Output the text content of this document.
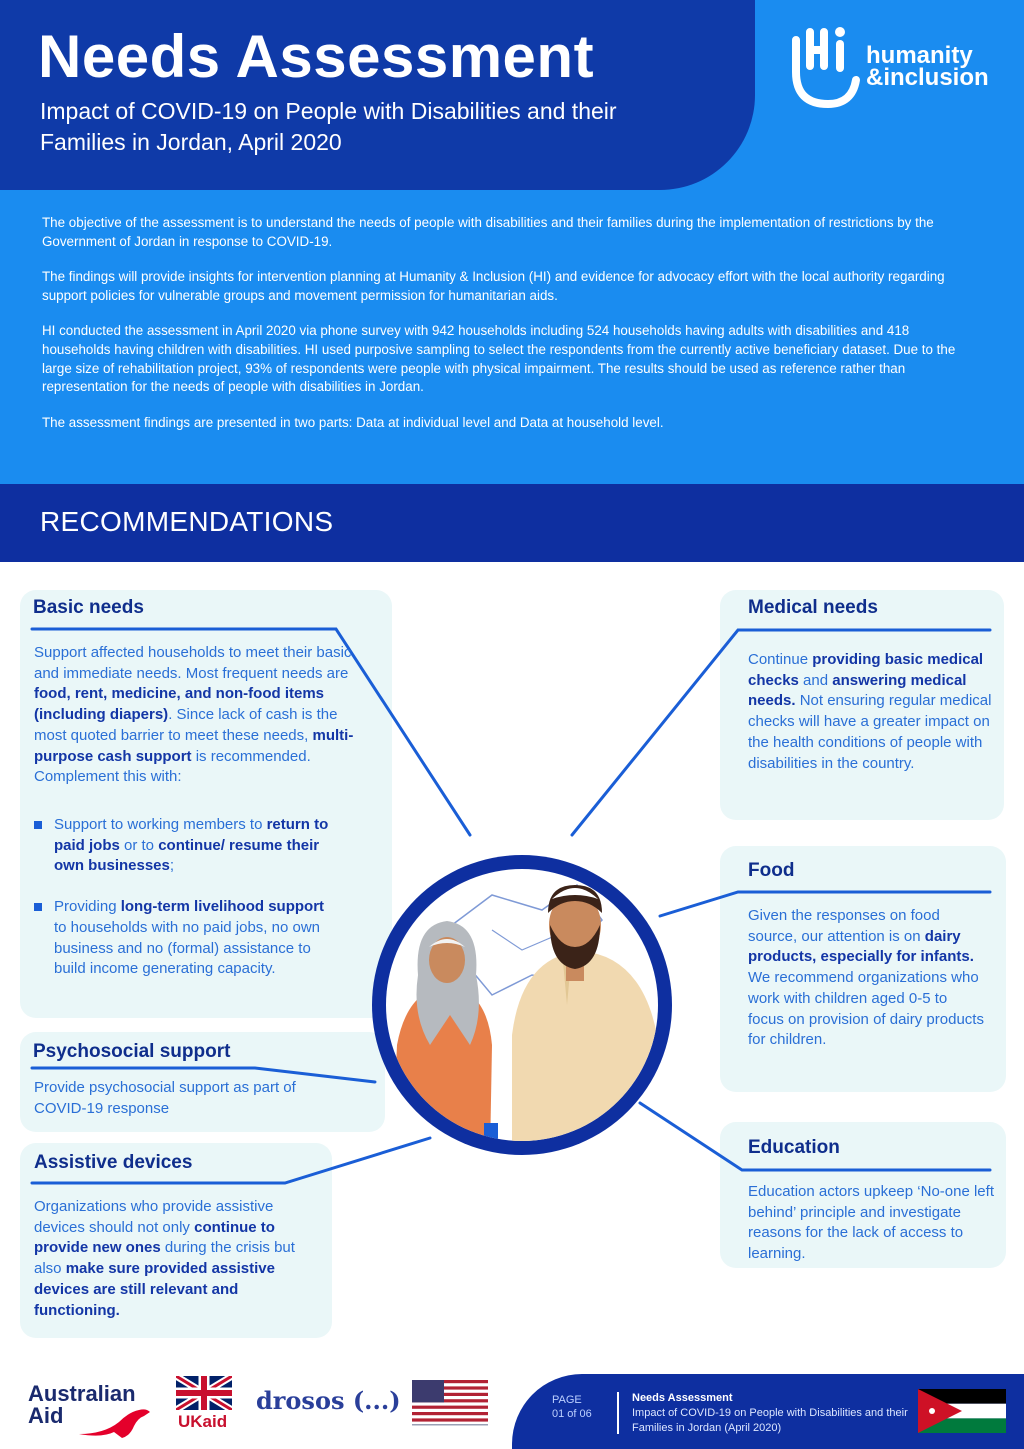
Needs Assessment
Impact of COVID-19 on People with Disabilities and their Families in Jordan, April 2020
humanity
&inclusion

The objective of the assessment is to understand the needs of people with disabilities and their families during the implementation of restrictions by the Government of Jordan in response to COVID-19.

The findings will provide insights for intervention planning at Humanity & Inclusion (HI) and evidence for advocacy effort with the local authority regarding support policies for vulnerable groups and movement permission for humanitarian aids.

HI conducted the assessment in April 2020 via phone survey with 942 households including 524 households having adults with disabilities and 418 households having children with disabilities. HI used purposive sampling to select the respondents from the currently active beneficiary dataset. Due to the large size of rehabilitation project, 93% of respondents were people with physical impairment. The results should be used as reference rather than representation for the needs of people with disabilities in Jordan.

The assessment findings are presented in two parts: Data at individual level and Data at household level.

RECOMMENDATIONS
Basic needs
Support affected households to meet their basic and immediate needs. Most frequent needs are food, rent, medicine, and non-food items (including diapers). Since lack of cash is the most quoted barrier to meet these needs, multi-purpose cash support is recommended. Complement this with:
Support to working members to return to paid jobs or to continue/ resume their own businesses;
Providing long-term livelihood support to households with no paid jobs, no own business and no (formal) assistance to build income generating capacity.
Psychosocial support
Provide psychosocial support as part of COVID-19 response
Assistive devices
Organizations who provide assistive devices should not only continue to provide new ones during the crisis but also make sure provided assistive devices are still relevant and functioning.
Medical needs
Continue providing basic medical checks and answering medical needs. Not ensuring regular medical checks will have a greater impact on the health conditions of people with disabilities in the country.
Food
Given the responses on food source, our attention is on dairy products, especially for infants. We recommend organizations who work with children aged 0-5 to focus on provision of dairy products for children.
Education
Education actors upkeep ‘No-one left behind’ principle and investigate reasons for the lack of access to learning.
Australian
Aid	UKaid
drosos (...)	PAGE
01 of 06
Needs Assessment
Impact of COVID-19 on People with Disabilities and their Families in Jordan (April 2020)
